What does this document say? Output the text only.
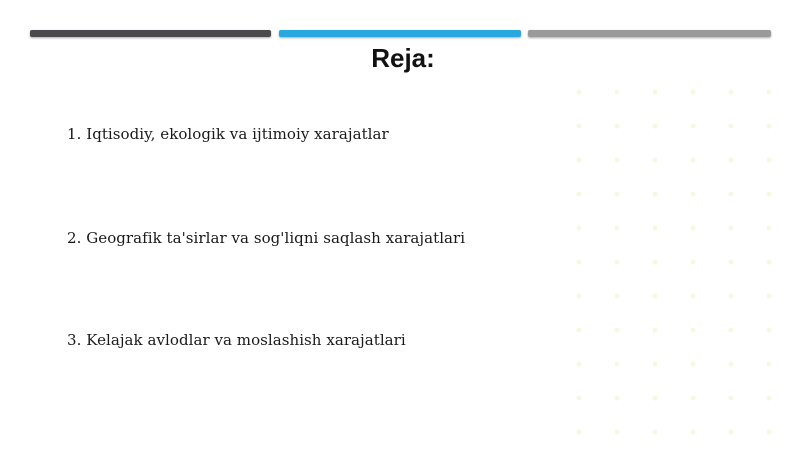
Reja:
1. Iqtisodiy, ekologik va ijtimoiy xarajatlar
2. Geografik ta'sirlar va sog'liqni saqlash xarajatlari
3. Kelajak avlodlar va moslashish xarajatlari
